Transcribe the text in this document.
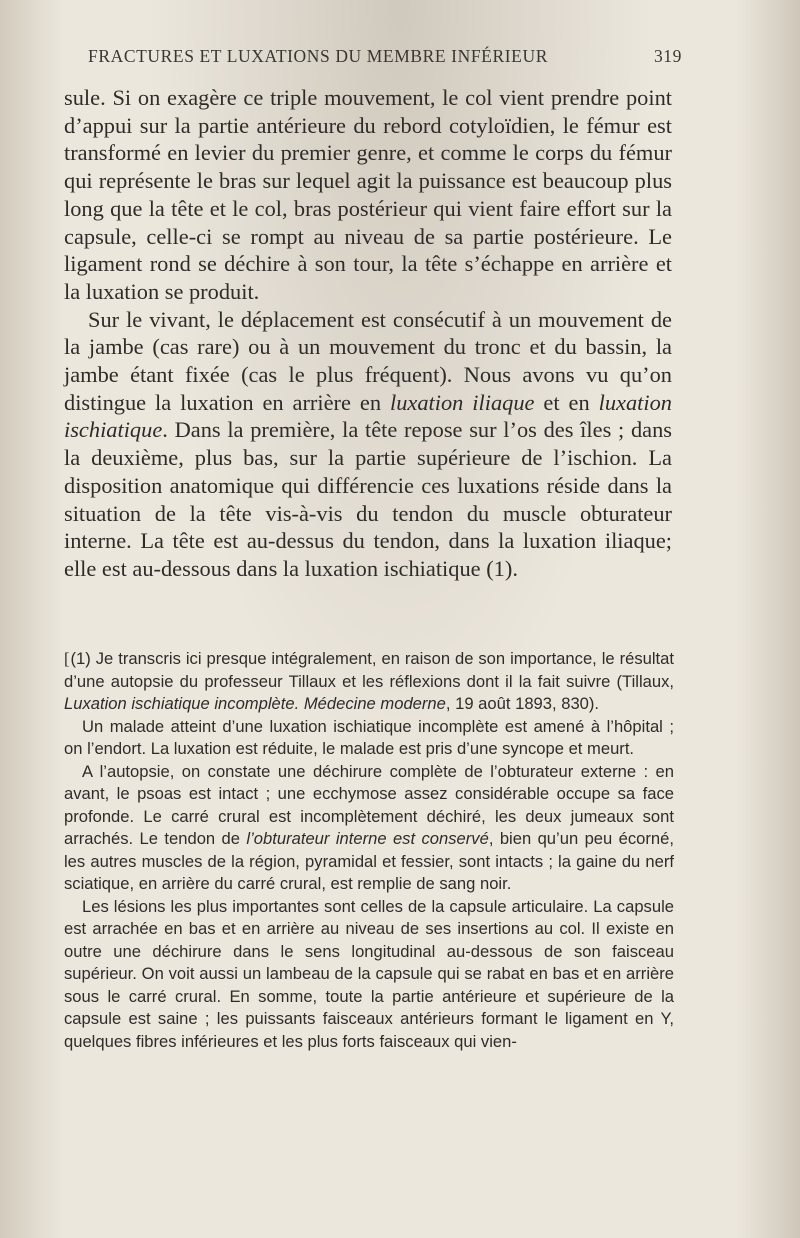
FRACTURES ET LUXATIONS DU MEMBRE INFÉRIEUR	319

sule. Si on exagère ce triple mouvement, le col vient prendre point d’appui sur la partie antérieure du rebord cotyloïdien, le fémur est transformé en levier du premier genre, et comme le corps du fémur qui représente le bras sur lequel agit la puissance est beaucoup plus long que la tête et le col, bras postérieur qui vient faire effort sur la capsule, celle-ci se rompt au niveau de sa partie postérieure. Le ligament rond se déchire à son tour, la tête s’échappe en arrière et la luxation se produit.

Sur le vivant, le déplacement est consécutif à un mouvement de la jambe (cas rare) ou à un mouvement du tronc et du bassin, la jambe étant fixée (cas le plus fréquent). Nous avons vu qu’on distingue la luxation en arrière en luxation iliaque et en luxation ischiatique. Dans la première, la tête repose sur l’os des îles ; dans la deuxième, plus bas, sur la partie supérieure de l’ischion. La disposition anatomique qui différencie ces luxations réside dans la situation de la tête vis-à-vis du tendon du muscle obturateur interne. La tête est au-dessus du tendon, dans la luxation iliaque; elle est au-dessous dans la luxation ischiatique (1).

[(1) Je transcris ici presque intégralement, en raison de son importance, le résultat d’une autopsie du professeur Tillaux et les réflexions dont il la fait suivre (Tillaux, Luxation ischiatique incomplète. Médecine moderne, 19 août 1893, 830).

Un malade atteint d’une luxation ischiatique incomplète est amené à l’hôpital ; on l’endort. La luxation est réduite, le malade est pris d’une syncope et meurt.

A l’autopsie, on constate une déchirure complète de l’obturateur externe : en avant, le psoas est intact ; une ecchymose assez considérable occupe sa face profonde. Le carré crural est incomplètement déchiré, les deux jumeaux sont arrachés. Le tendon de l’obturateur interne est conservé, bien qu’un peu écorné, les autres muscles de la région, pyramidal et fessier, sont intacts ; la gaine du nerf sciatique, en arrière du carré crural, est remplie de sang noir.

Les lésions les plus importantes sont celles de la capsule articulaire. La capsule est arrachée en bas et en arrière au niveau de ses insertions au col. Il existe en outre une déchirure dans le sens longitudinal au-dessous de son faisceau supérieur. On voit aussi un lambeau de la capsule qui se rabat en bas et en arrière sous le carré crural. En somme, toute la partie antérieure et supérieure de la capsule est saine ; les puissants faisceaux antérieurs formant le ligament en Y, quelques fibres inférieures et les plus forts faisceaux qui vien-
